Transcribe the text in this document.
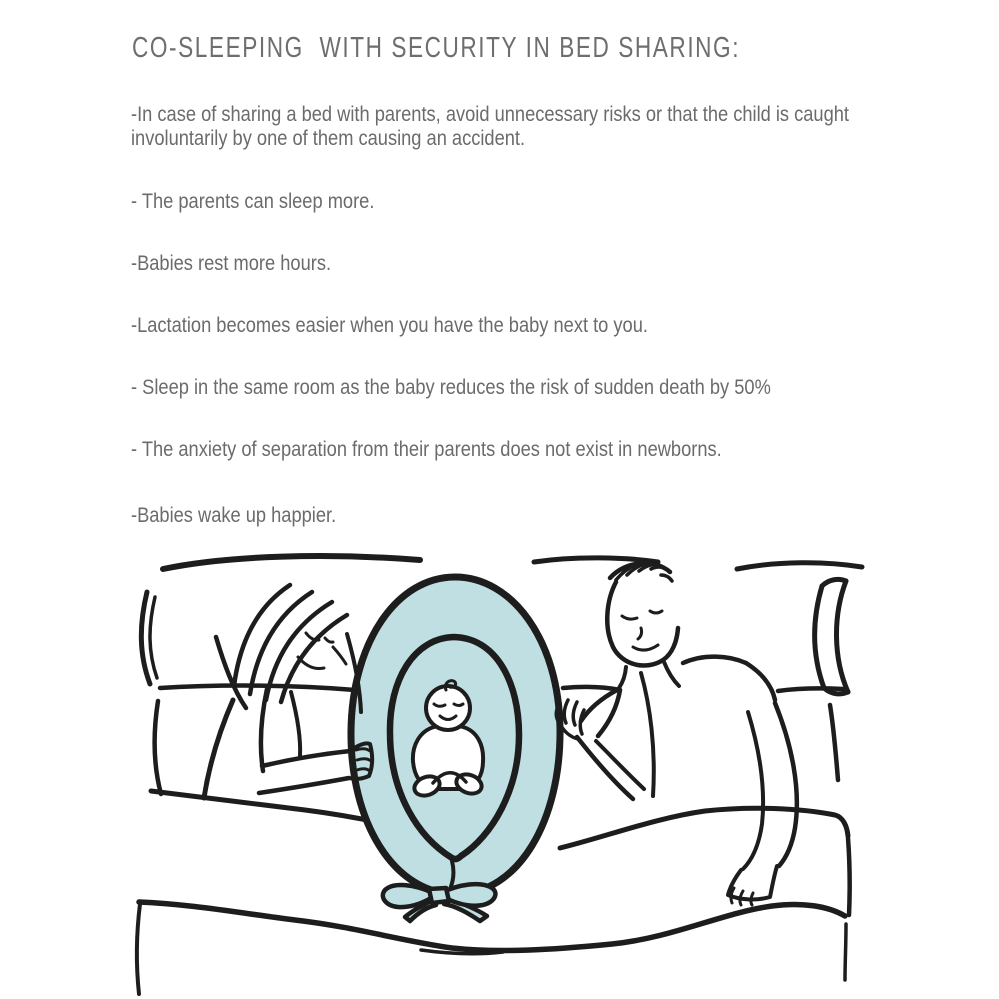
CO-SLEEPING  WITH SECURITY IN BED SHARING:
-In case of sharing a bed with parents, avoid unnecessary risks or that the child is caught involuntarily by one of them causing an accident.
- The parents can sleep more.
-Babies rest more hours.
-Lactation becomes easier when you have the baby next to you.
- Sleep in the same room as the baby reduces the risk of sudden death by 50%
- The anxiety of separation from their parents does not exist in newborns.
-Babies wake up happier.
